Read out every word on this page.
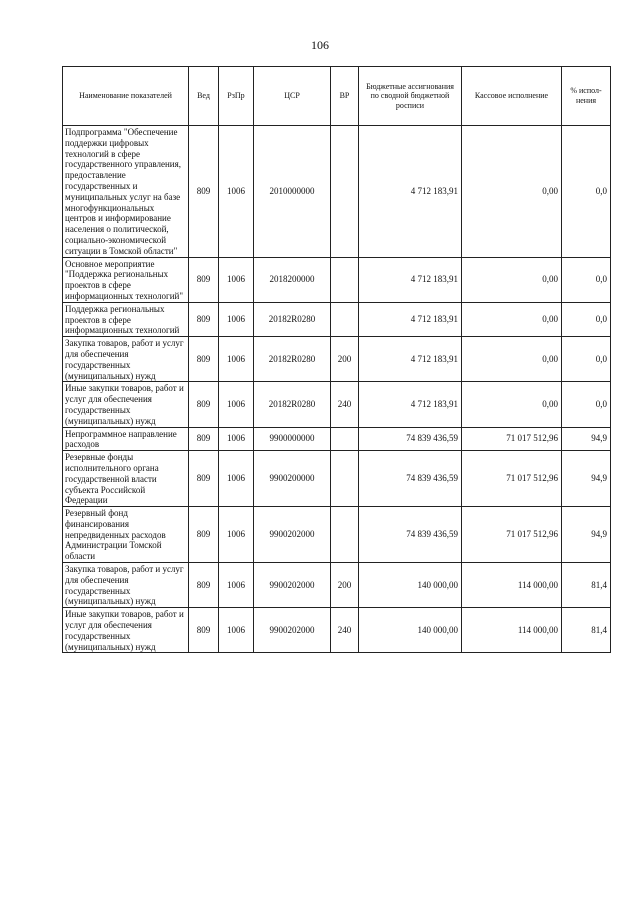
106
Наименование показателей	Вед	РзПр	ЦСР	ВР	Бюджетные ассигнования по сводной бюджетной росписи	Кассовое исполнение	% испол-нения
Подпрограмма "Обеспечение поддержки цифровых технологий в сфере государственного управления, предоставление государственных и муниципальных услуг на базе многофункциональных центров и информирование населения о политической, социально-экономической ситуации в Томской области"	809	1006	2010000000		4 712 183,91	0,00	0,0
Основное мероприятие "Поддержка региональных проектов в сфере информационных технологий"	809	1006	2018200000		4 712 183,91	0,00	0,0
Поддержка региональных проектов в сфере информационных технологий	809	1006	20182R0280		4 712 183,91	0,00	0,0
Закупка товаров, работ и услуг для обеспечения государственных (муниципальных) нужд	809	1006	20182R0280	200	4 712 183,91	0,00	0,0
Иные закупки товаров, работ и услуг для обеспечения государственных (муниципальных) нужд	809	1006	20182R0280	240	4 712 183,91	0,00	0,0
Непрограммное направление расходов	809	1006	9900000000		74 839 436,59	71 017 512,96	94,9
Резервные фонды исполнительного органа государственной власти субъекта Российской Федерации	809	1006	9900200000		74 839 436,59	71 017 512,96	94,9
Резервный фонд финансирования непредвиденных расходов Администрации Томской области	809	1006	9900202000		74 839 436,59	71 017 512,96	94,9
Закупка товаров, работ и услуг для обеспечения государственных (муниципальных) нужд	809	1006	9900202000	200	140 000,00	114 000,00	81,4
Иные закупки товаров, работ и услуг для обеспечения государственных (муниципальных) нужд	809	1006	9900202000	240	140 000,00	114 000,00	81,4
